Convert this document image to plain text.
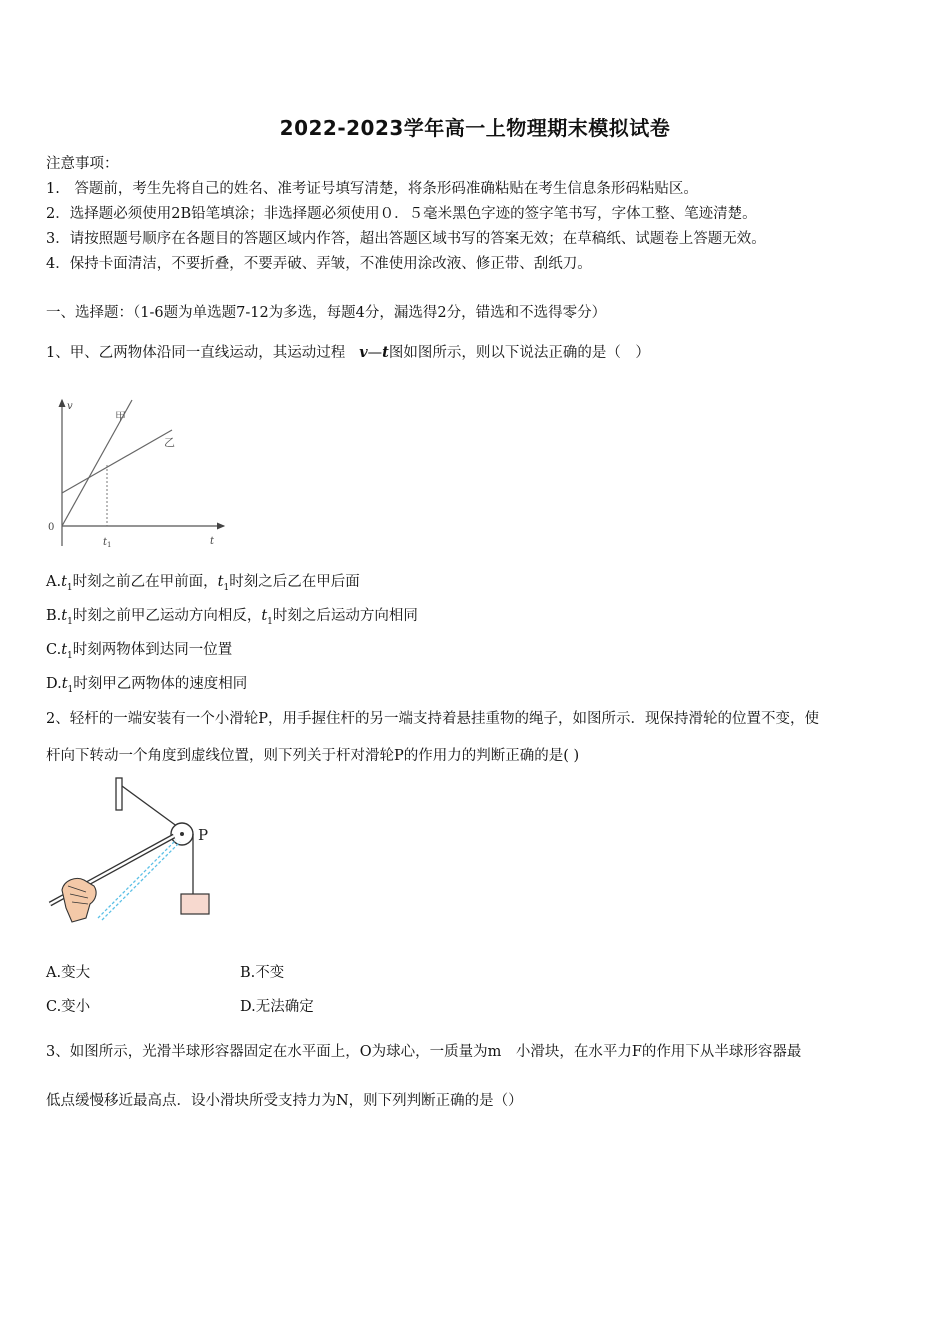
2022-2023学年高一上物理期末模拟试卷
注意事项：
1.　答题前，考生先将自己的姓名、准考证号填写清楚，将条形码准确粘贴在考生信息条形码粘贴区。
2．选择题必须使用2B铅笔填涂；非选择题必须使用０．５毫米黑色字迹的签字笔书写，字体工整、笔迹清楚。
3．请按照题号顺序在各题目的答题区域内作答，超出答题区域书写的答案无效；在草稿纸、试题卷上答题无效。
4．保持卡面清洁，不要折叠，不要弄破、弄皱，不准使用涂改液、修正带、刮纸刀。
一、选择题：（1-6题为单选题7-12为多选，每题4分，漏选得2分，错选和不选得零分）
1、甲、乙两物体沿同一直线运动，其运动过程 v—t图如图所示，则以下说法正确的是（　）
v
t
0
$t_1$
甲
乙
$A.t_1$时刻之前乙在甲前面，$t_1$时刻之后乙在甲后面
$B.t_1$时刻之前甲乙运动方向相反，$t_1$时刻之后运动方向相同
$C.t_1$时刻两物体到达同一位置
$D.t_1$时刻甲乙两物体的速度相同
2、轻杆的一端安装有一个小滑轮P，用手握住杆的另一端支持着悬挂重物的绳子，如图所示．现保持滑轮的位置不变，使
杆向下转动一个角度到虚线位置，则下列关于杆对滑轮P的作用力的判断正确的是( )
P
A.变大	B.不变
C.变小	D.无法确定
3、如图所示，光滑半球形容器固定在水平面上，O为球心，一质量为m　小滑块，在水平力F的作用下从半球形容器最
低点缓慢移近最高点．设小滑块所受支持力为N，则下列判断正确的是（）
